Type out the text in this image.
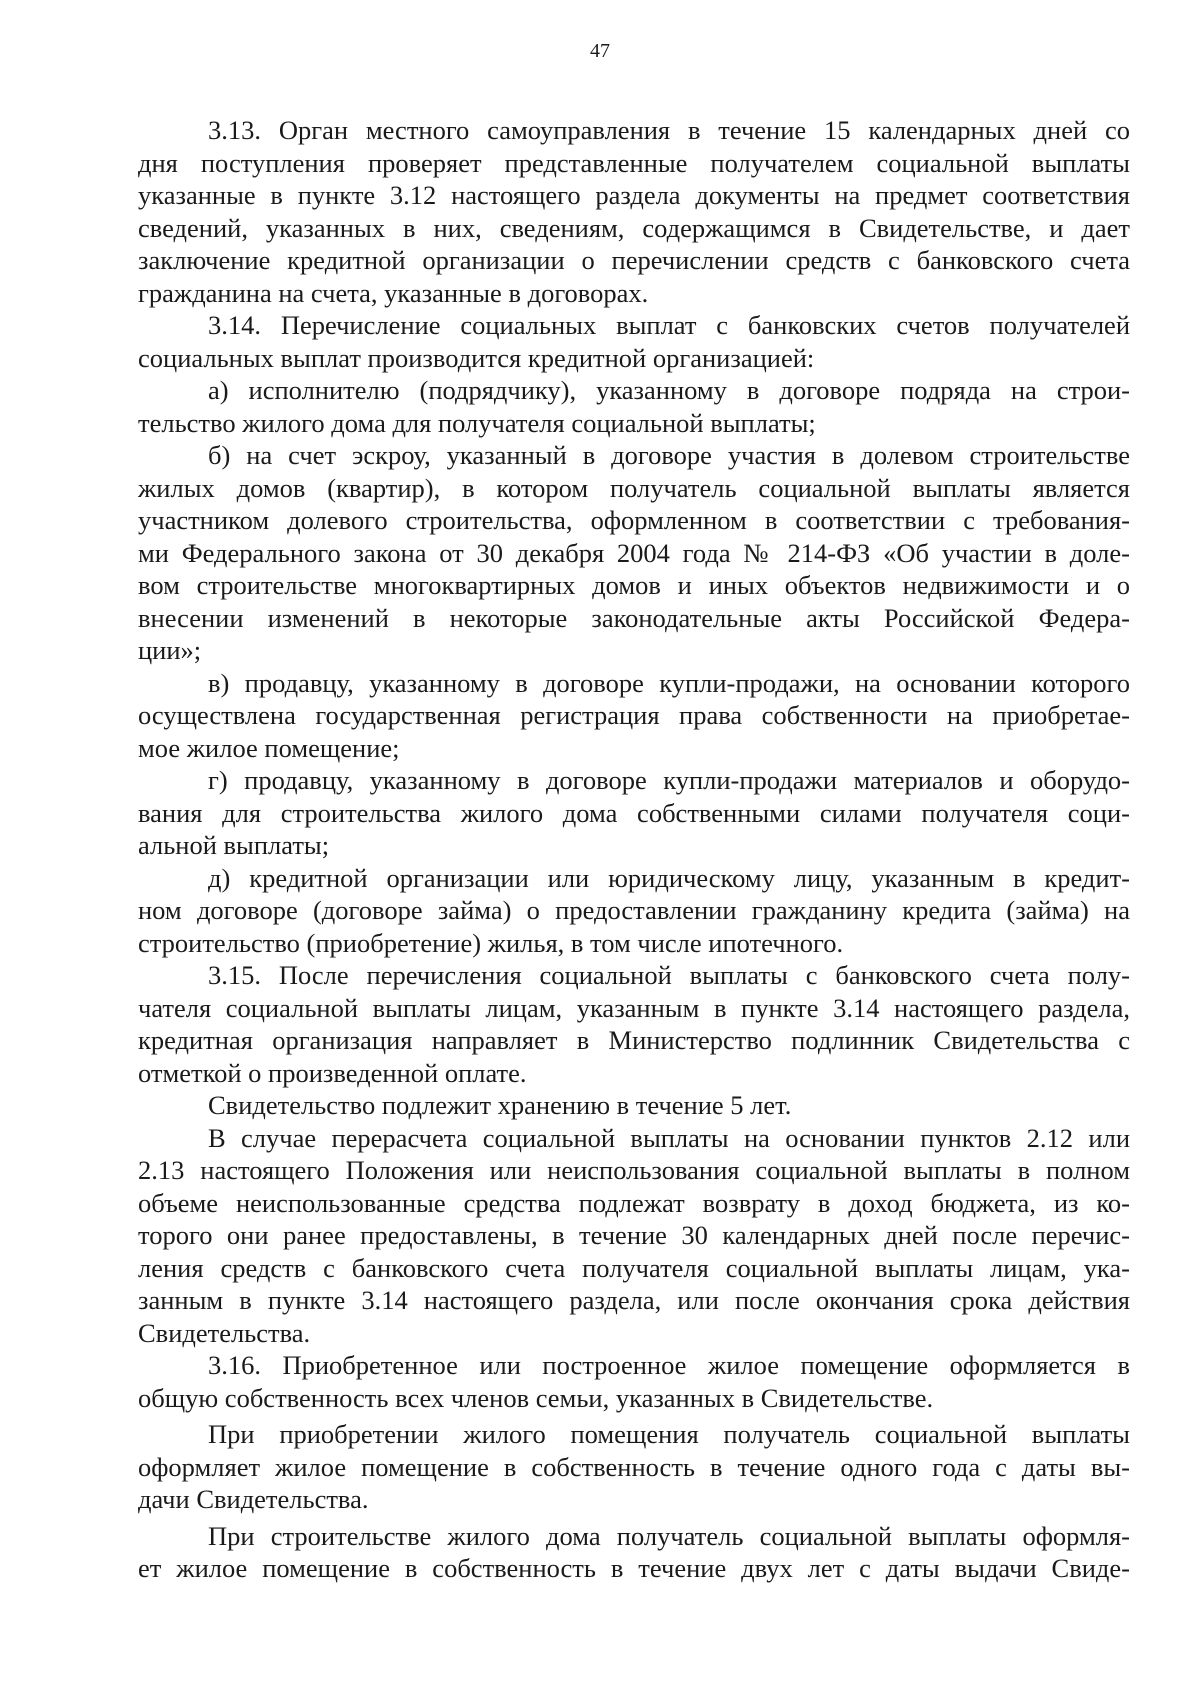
47
3.13. Орган местного самоуправления в течение 15 календарных дней со
дня поступления проверяет представленные получателем социальной выплаты
указанные в пункте 3.12 настоящего раздела документы на предмет соответствия
сведений, указанных в них, сведениям, содержащимся в Свидетельстве, и дает
заключение кредитной организации о перечислении средств с банковского счета
гражданина на счета, указанные в договорах.
3.14. Перечисление социальных выплат с банковских счетов получателей
социальных выплат производится кредитной организацией:
а) исполнителю (подрядчику), указанному в договоре подряда на строи-
тельство жилого дома для получателя социальной выплаты;
б) на счет эскроу, указанный в договоре участия в долевом строительстве
жилых домов (квартир), в котором получатель социальной выплаты является
участником долевого строительства, оформленном в соответствии с требования-
ми Федерального закона от 30 декабря 2004 года № 214-ФЗ «Об участии в доле-
вом строительстве многоквартирных домов и иных объектов недвижимости и о
внесении изменений в некоторые законодательные акты Российской Федера-
ции»;
в) продавцу, указанному в договоре купли-продажи, на основании которого
осуществлена государственная регистрация права собственности на приобретае-
мое жилое помещение;
г) продавцу, указанному в договоре купли-продажи материалов и оборудо-
вания для строительства жилого дома собственными силами получателя соци-
альной выплаты;
д) кредитной организации или юридическому лицу, указанным в кредит-
ном договоре (договоре займа) о предоставлении гражданину кредита (займа) на
строительство (приобретение) жилья, в том числе ипотечного.
3.15. После перечисления социальной выплаты с банковского счета полу-
чателя социальной выплаты лицам, указанным в пункте 3.14 настоящего раздела,
кредитная организация направляет в Министерство подлинник Свидетельства с
отметкой о произведенной оплате.
Свидетельство подлежит хранению в течение 5 лет.
В случае перерасчета социальной выплаты на основании пунктов 2.12 или
2.13 настоящего Положения или неиспользования социальной выплаты в полном
объеме неиспользованные средства подлежат возврату в доход бюджета, из ко-
торого они ранее предоставлены, в течение 30 календарных дней после перечис-
ления средств с банковского счета получателя социальной выплаты лицам, ука-
занным в пункте 3.14 настоящего раздела, или после окончания срока действия
Свидетельства.
3.16. Приобретенное или построенное жилое помещение оформляется в
общую собственность всех членов семьи, указанных в Свидетельстве.
При приобретении жилого помещения получатель социальной выплаты
оформляет жилое помещение в собственность в течение одного года с даты вы-
дачи Свидетельства.
При строительстве жилого дома получатель социальной выплаты оформля-
ет жилое помещение в собственность в течение двух лет с даты выдачи Свиде-
